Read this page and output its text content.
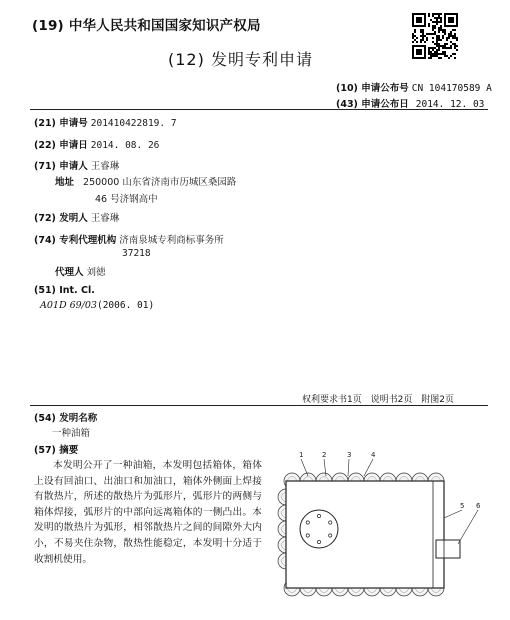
(19) 中华人民共和国国家知识产权局
(12) 发明专利申请
(10) 申请公布号 CN 104170589 A
(43) 申请公布日 2014. 12. 03
(21) 申请号 201410422819. 7
(22) 申请日 2014. 08. 26
(71) 申请人 王睿琳
地址 250000 山东省济南市历城区桑园路
46 号济钢高中
(72) 发明人 王睿琳
(74) 专利代理机构 济南泉城专利商标事务所
37218
代理人 刘徳
(51) Int. Cl.
A01D 69/03(2006. 01)
权利要求书1页 说明书2页 附图2页
(54) 发明名称
一种油箱
(57) 摘要
本发明公开了一种油箱，本发明包括箱体，箱体上设有回油口、出油口和加油口，箱体外侧面上焊接有散热片，所述的散热片为弧形片，弧形片的两侧与箱体焊接，弧形片的中部向远离箱体的一侧凸出。本发明的散热片为弧形，相邻散热片之间的间隙外大内小，不易夹住杂物，散热性能稳定，本发明十分适于收割机使用。
1	2	3	4
5 6
